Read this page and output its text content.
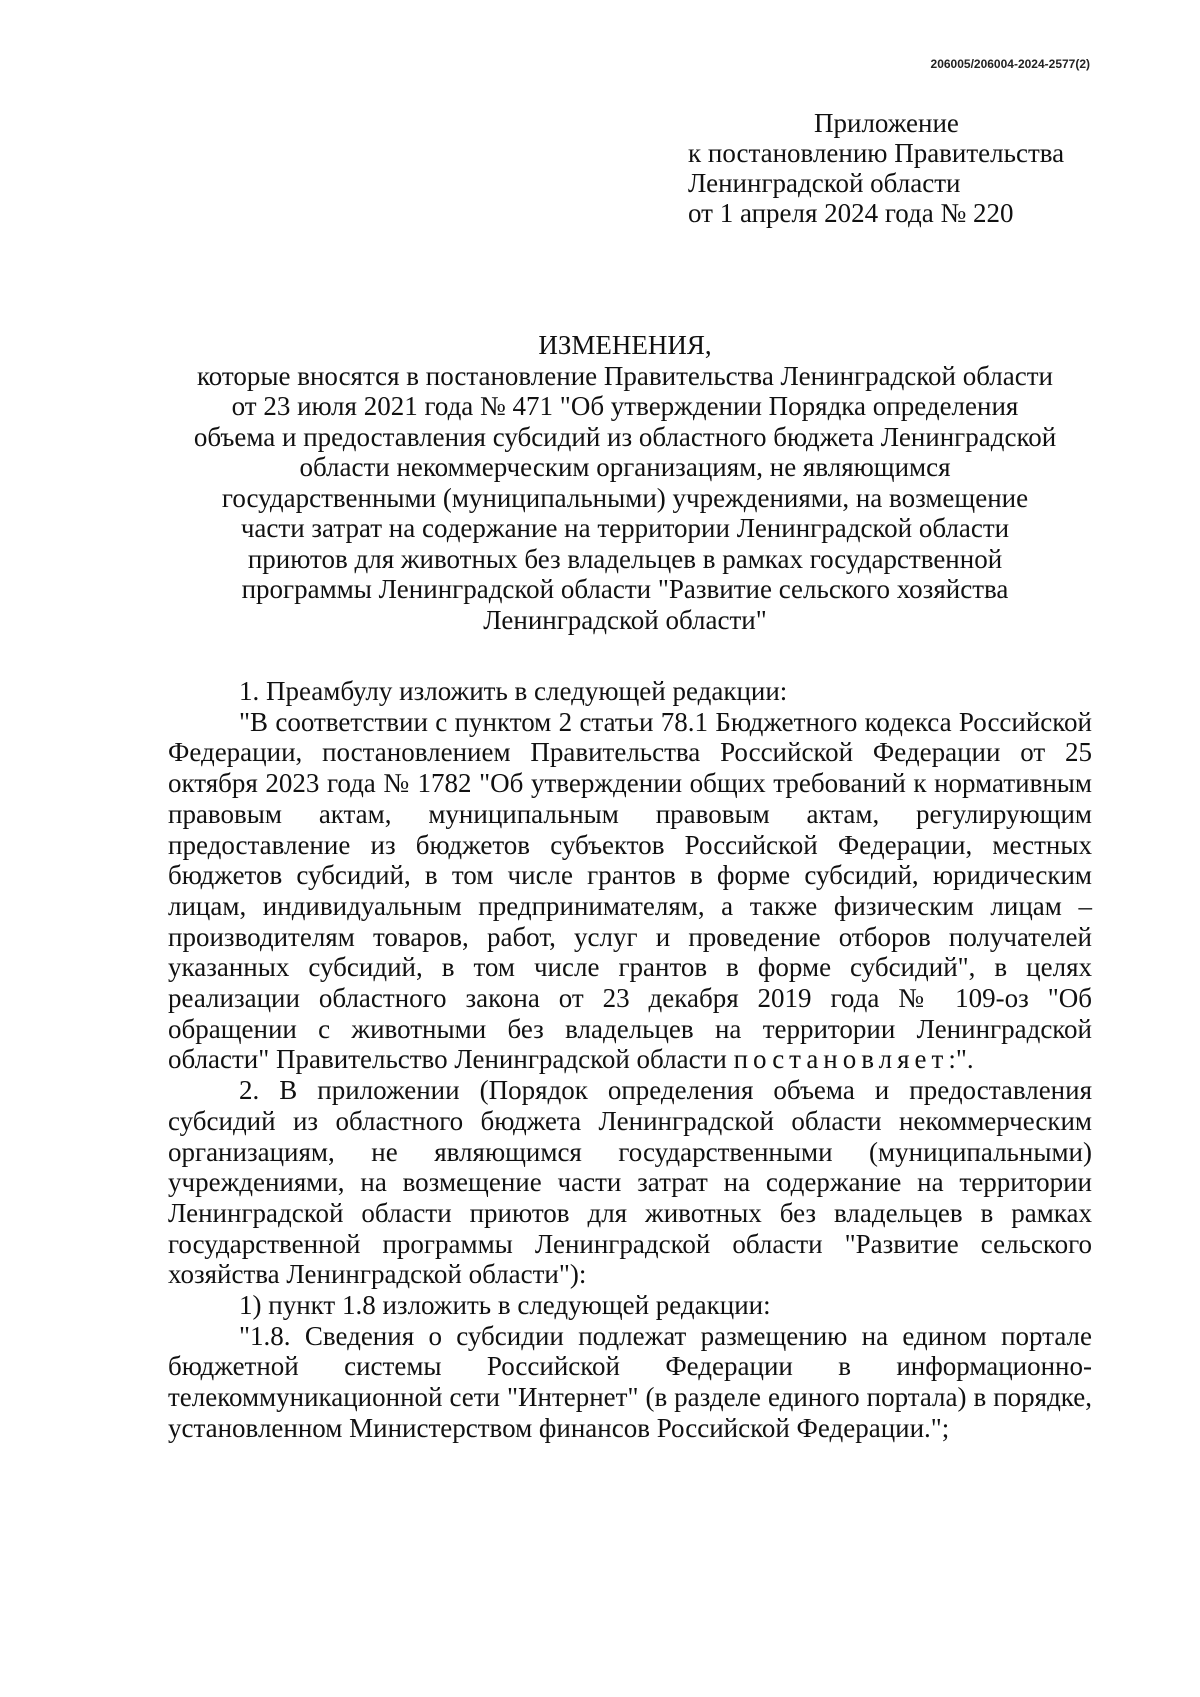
206005/206004-2024-2577(2)
Приложение
к постановлению Правительства
Ленинградской области
от 1 апреля 2024 года № 220
ИЗМЕНЕНИЯ,
которые вносятся в постановление Правительства Ленинградской области
от 23 июля 2021 года № 471 "Об утверждении Порядка определения
объема и предоставления субсидий из областного бюджета Ленинградской
области некоммерческим организациям, не являющимся
государственными (муниципальными) учреждениями, на возмещение
части затрат на содержание на территории Ленинградской области
приютов для животных без владельцев в рамках государственной
программы Ленинградской области "Развитие сельского хозяйства
Ленинградской области"

1. Преамбулу изложить в следующей редакции:

"В соответствии с пунктом 2 статьи 78.1 Бюджетного кодекса Российской Федерации, постановлением Правительства Российской Федерации от 25 октября 2023 года № 1782 "Об утверждении общих требований к нормативным правовым актам, муниципальным правовым актам, регулирующим предоставление из бюджетов субъектов Российской Федерации, местных бюджетов субсидий, в том числе грантов в форме субсидий, юридическим лицам, индивидуальным предпринимателям, а также физическим лицам – производителям товаров, работ, услуг и проведение отборов получателей указанных субсидий, в том числе грантов в форме субсидий", в целях реализации областного закона от 23 декабря 2019 года № 109-оз "Об обращении с животными без владельцев на территории Ленинградской области" Правительство Ленинградской области постановляет:".

2. В приложении (Порядок определения объема и предоставления субсидий из областного бюджета Ленинградской области некоммерческим организациям, не являющимся государственными (муниципальными) учреждениями, на возмещение части затрат на содержание на территории Ленинградской области приютов для животных без владельцев в рамках государственной программы Ленинградской области "Развитие сельского хозяйства Ленинградской области"):

1) пункт 1.8 изложить в следующей редакции:

"1.8. Сведения о субсидии подлежат размещению на едином портале бюджетной системы Российской Федерации в информационно-телекоммуникационной сети "Интернет" (в разделе единого портала) в порядке, установленном Министерством финансов Российской Федерации.";
